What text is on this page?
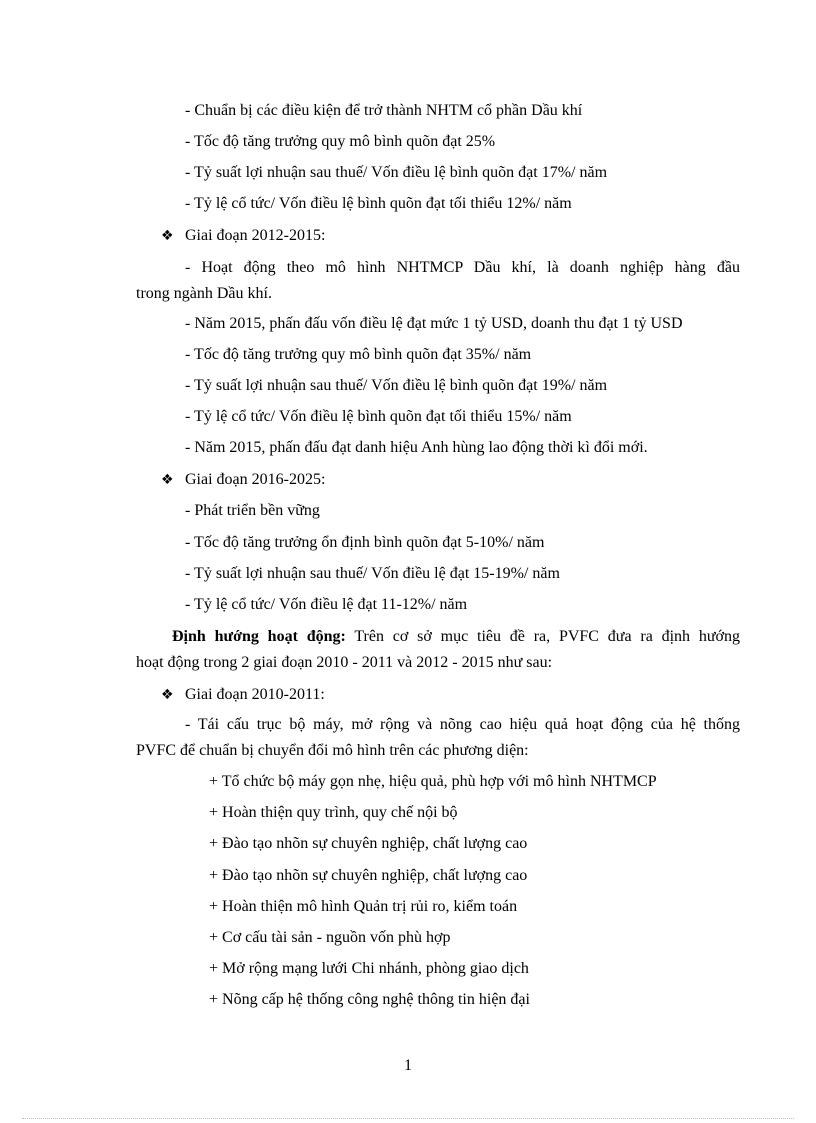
- Chuẩn bị các điều kiện để trở thành NHTM cổ phần Dầu khí
- Tốc độ tăng trưởng quy mô bình quõn đạt 25%
- Tỷ suất lợi nhuận sau thuế/ Vốn điều lệ bình quõn đạt 17%/ năm
- Tỷ lệ cổ tức/ Vốn điều lệ bình quõn đạt tối thiểu 12%/ năm
❖ Giai đoạn 2012-2015:
- Hoạt động theo mô hình NHTMCP Dầu khí, là doanh nghiệp hàng đầu
trong ngành Dầu khí.
- Năm 2015, phấn đấu vốn điều lệ đạt mức 1 tỷ USD, doanh thu đạt 1 tỷ USD
- Tốc độ tăng trưởng quy mô bình quõn đạt 35%/ năm
- Tỷ suất lợi nhuận sau thuế/ Vốn điều lệ bình quõn đạt 19%/ năm
- Tỷ lệ cổ tức/ Vốn điều lệ bình quõn đạt tối thiểu 15%/ năm
- Năm 2015, phấn đấu đạt danh hiệu Anh hùng lao động thời kì đổi mới.
❖ Giai đoạn 2016-2025:
- Phát triển bền vững
- Tốc độ tăng trưởng ổn định bình quõn đạt 5-10%/ năm
- Tỷ suất lợi nhuận sau thuế/ Vốn điều lệ đạt 15-19%/ năm
- Tỷ lệ cổ tức/ Vốn điều lệ đạt 11-12%/ năm
Định hướng hoạt động: Trên cơ sở mục tiêu đề ra, PVFC đưa ra định hướng
hoạt động trong 2 giai đoạn 2010 - 2011 và 2012 - 2015 như sau:
❖ Giai đoạn 2010-2011:
- Tái cấu trục bộ máy, mở rộng và nõng cao hiệu quả hoạt động của hệ thống
PVFC để chuẩn bị chuyển đổi mô hình trên các phương diện:
+ Tổ chức bộ máy gọn nhẹ, hiệu quả, phù hợp với mô hình NHTMCP
+ Hoàn thiện quy trình, quy chế nội bộ
+ Đào tạo nhõn sự chuyên nghiệp, chất lượng cao
+ Đào tạo nhõn sự chuyên nghiệp, chất lượng cao
+ Hoàn thiện mô hình Quản trị rủi ro, kiểm toán
+ Cơ cấu tài sản - nguồn vốn phù hợp
+ Mở rộng mạng lưới Chi nhánh, phòng giao dịch
+ Nõng cấp hệ thống công nghệ thông tin hiện đại
1
